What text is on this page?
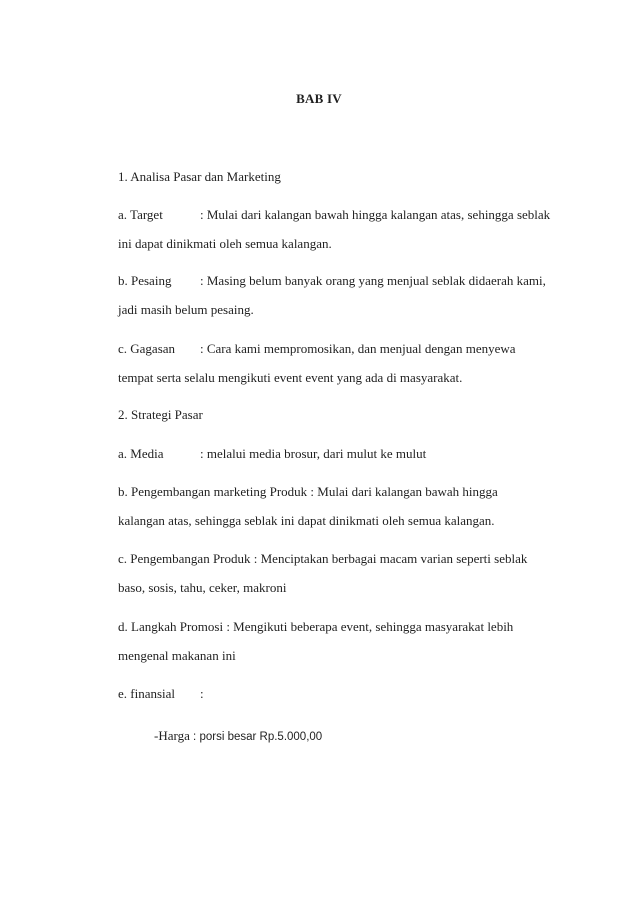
BAB IV
1. Analisa Pasar dan Marketing
a. Target	: Mulai dari kalangan bawah hingga kalangan atas, sehingga seblak
ini dapat dinikmati oleh semua kalangan.
b. Pesaing : Masing belum banyak orang yang menjual seblak didaerah kami,
jadi masih belum pesaing.
c. Gagasan : Cara kami mempromosikan, dan menjual dengan menyewa
tempat serta selalu mengikuti event event yang ada di masyarakat.
2. Strategi Pasar
a. Media	: melalui media brosur, dari mulut ke mulut
b. Pengembangan marketing Produk : Mulai dari kalangan bawah hingga
kalangan atas, sehingga seblak ini dapat dinikmati oleh semua kalangan.
c. Pengembangan Produk : Menciptakan berbagai macam varian seperti seblak
baso, sosis, tahu, ceker, makroni
d. Langkah Promosi : Mengikuti beberapa event, sehingga masyarakat lebih
mengenal makanan ini
e. finansial :
-Harga : porsi besar Rp.5.000,00
